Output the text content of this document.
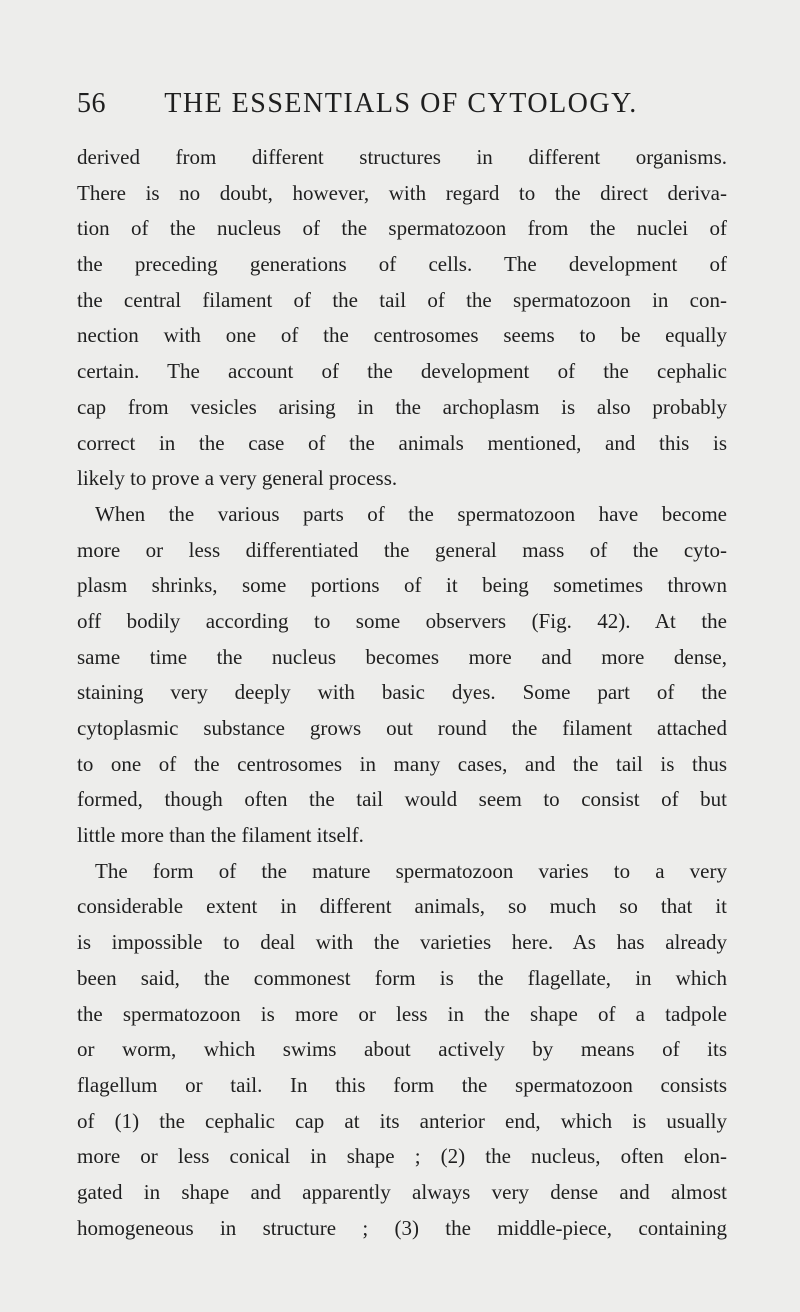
56	THE ESSENTIALS OF CYTOLOGY.
derived from different structures in different organisms.
There is no doubt, however, with regard to the direct deriva-
tion of the nucleus of the spermatozoon from the nuclei of
the preceding generations of cells. The development of
the central filament of the tail of the spermatozoon in con-
nection with one of the centrosomes seems to be equally
certain. The account of the development of the cephalic
cap from vesicles arising in the archoplasm is also probably
correct in the case of the animals mentioned, and this is
likely to prove a very general process.
When the various parts of the spermatozoon have become
more or less differentiated the general mass of the cyto-
plasm shrinks, some portions of it being sometimes thrown
off bodily according to some observers (Fig. 42). At the
same time the nucleus becomes more and more dense,
staining very deeply with basic dyes. Some part of the
cytoplasmic substance grows out round the filament attached
to one of the centrosomes in many cases, and the tail is thus
formed, though often the tail would seem to consist of but
little more than the filament itself.
The form of the mature spermatozoon varies to a very
considerable extent in different animals, so much so that it
is impossible to deal with the varieties here. As has already
been said, the commonest form is the flagellate, in which
the spermatozoon is more or less in the shape of a tadpole
or worm, which swims about actively by means of its
flagellum or tail. In this form the spermatozoon consists
of (1) the cephalic cap at its anterior end, which is usually
more or less conical in shape ; (2) the nucleus, often elon-
gated in shape and apparently always very dense and almost
homogeneous in structure ; (3) the middle-piece, containing
